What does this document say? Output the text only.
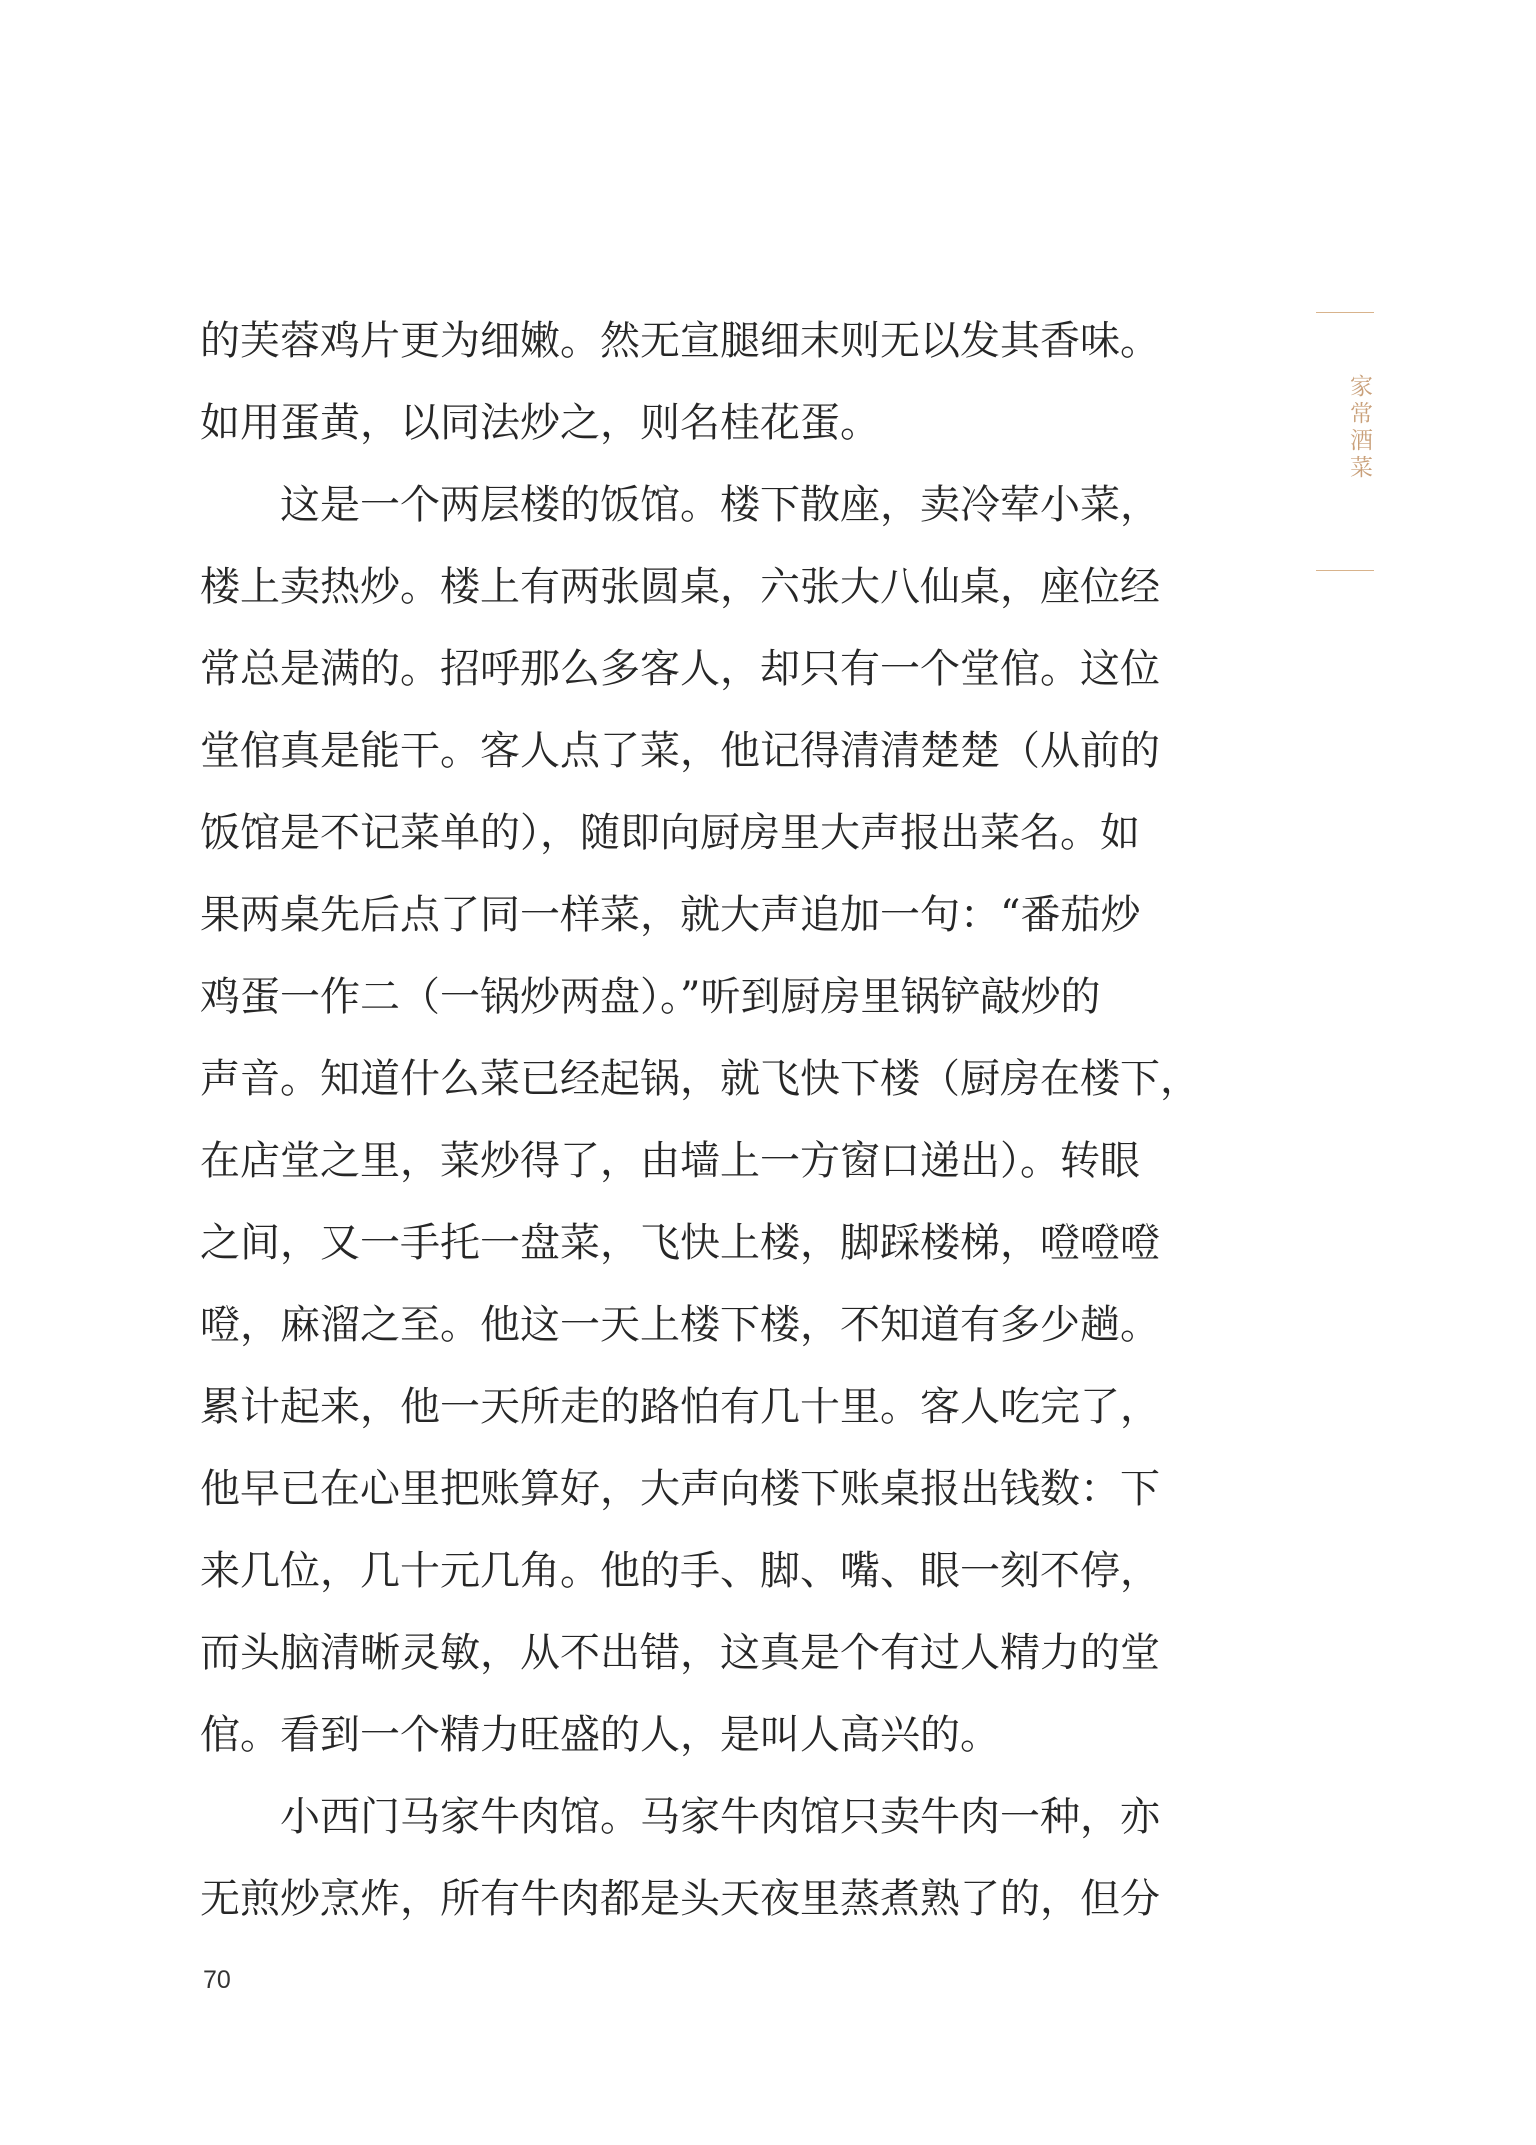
家常酒菜
的芙蓉鸡片更为细嫩。然无宣腿细末则无以发其香味。
如用蛋黄，以同法炒之，则名桂花蛋。
　　这是一个两层楼的饭馆。楼下散座，卖冷荤小菜，
楼上卖热炒。楼上有两张圆桌，六张大八仙桌，座位经
常总是满的。招呼那么多客人，却只有一个堂倌。这位
堂倌真是能干。客人点了菜，他记得清清楚楚（从前的
饭馆是不记菜单的），随即向厨房里大声报出菜名。如
果两桌先后点了同一样菜，就大声追加一句：“番茄炒
鸡蛋一作二（一锅炒两盘）。”听到厨房里锅铲敲炒的
声音。知道什么菜已经起锅，就飞快下楼（厨房在楼下，
在店堂之里，菜炒得了，由墙上一方窗口递出）。转眼
之间，又一手托一盘菜，飞快上楼，脚踩楼梯，噔噔噔
噔，麻溜之至。他这一天上楼下楼，不知道有多少趟。
累计起来，他一天所走的路怕有几十里。客人吃完了，
他早已在心里把账算好，大声向楼下账桌报出钱数：下
来几位，几十元几角。他的手、脚、嘴、眼一刻不停，
而头脑清晰灵敏，从不出错，这真是个有过人精力的堂
倌。看到一个精力旺盛的人，是叫人高兴的。
　　小西门马家牛肉馆。马家牛肉馆只卖牛肉一种，亦
无煎炒烹炸，所有牛肉都是头天夜里蒸煮熟了的，但分
70
